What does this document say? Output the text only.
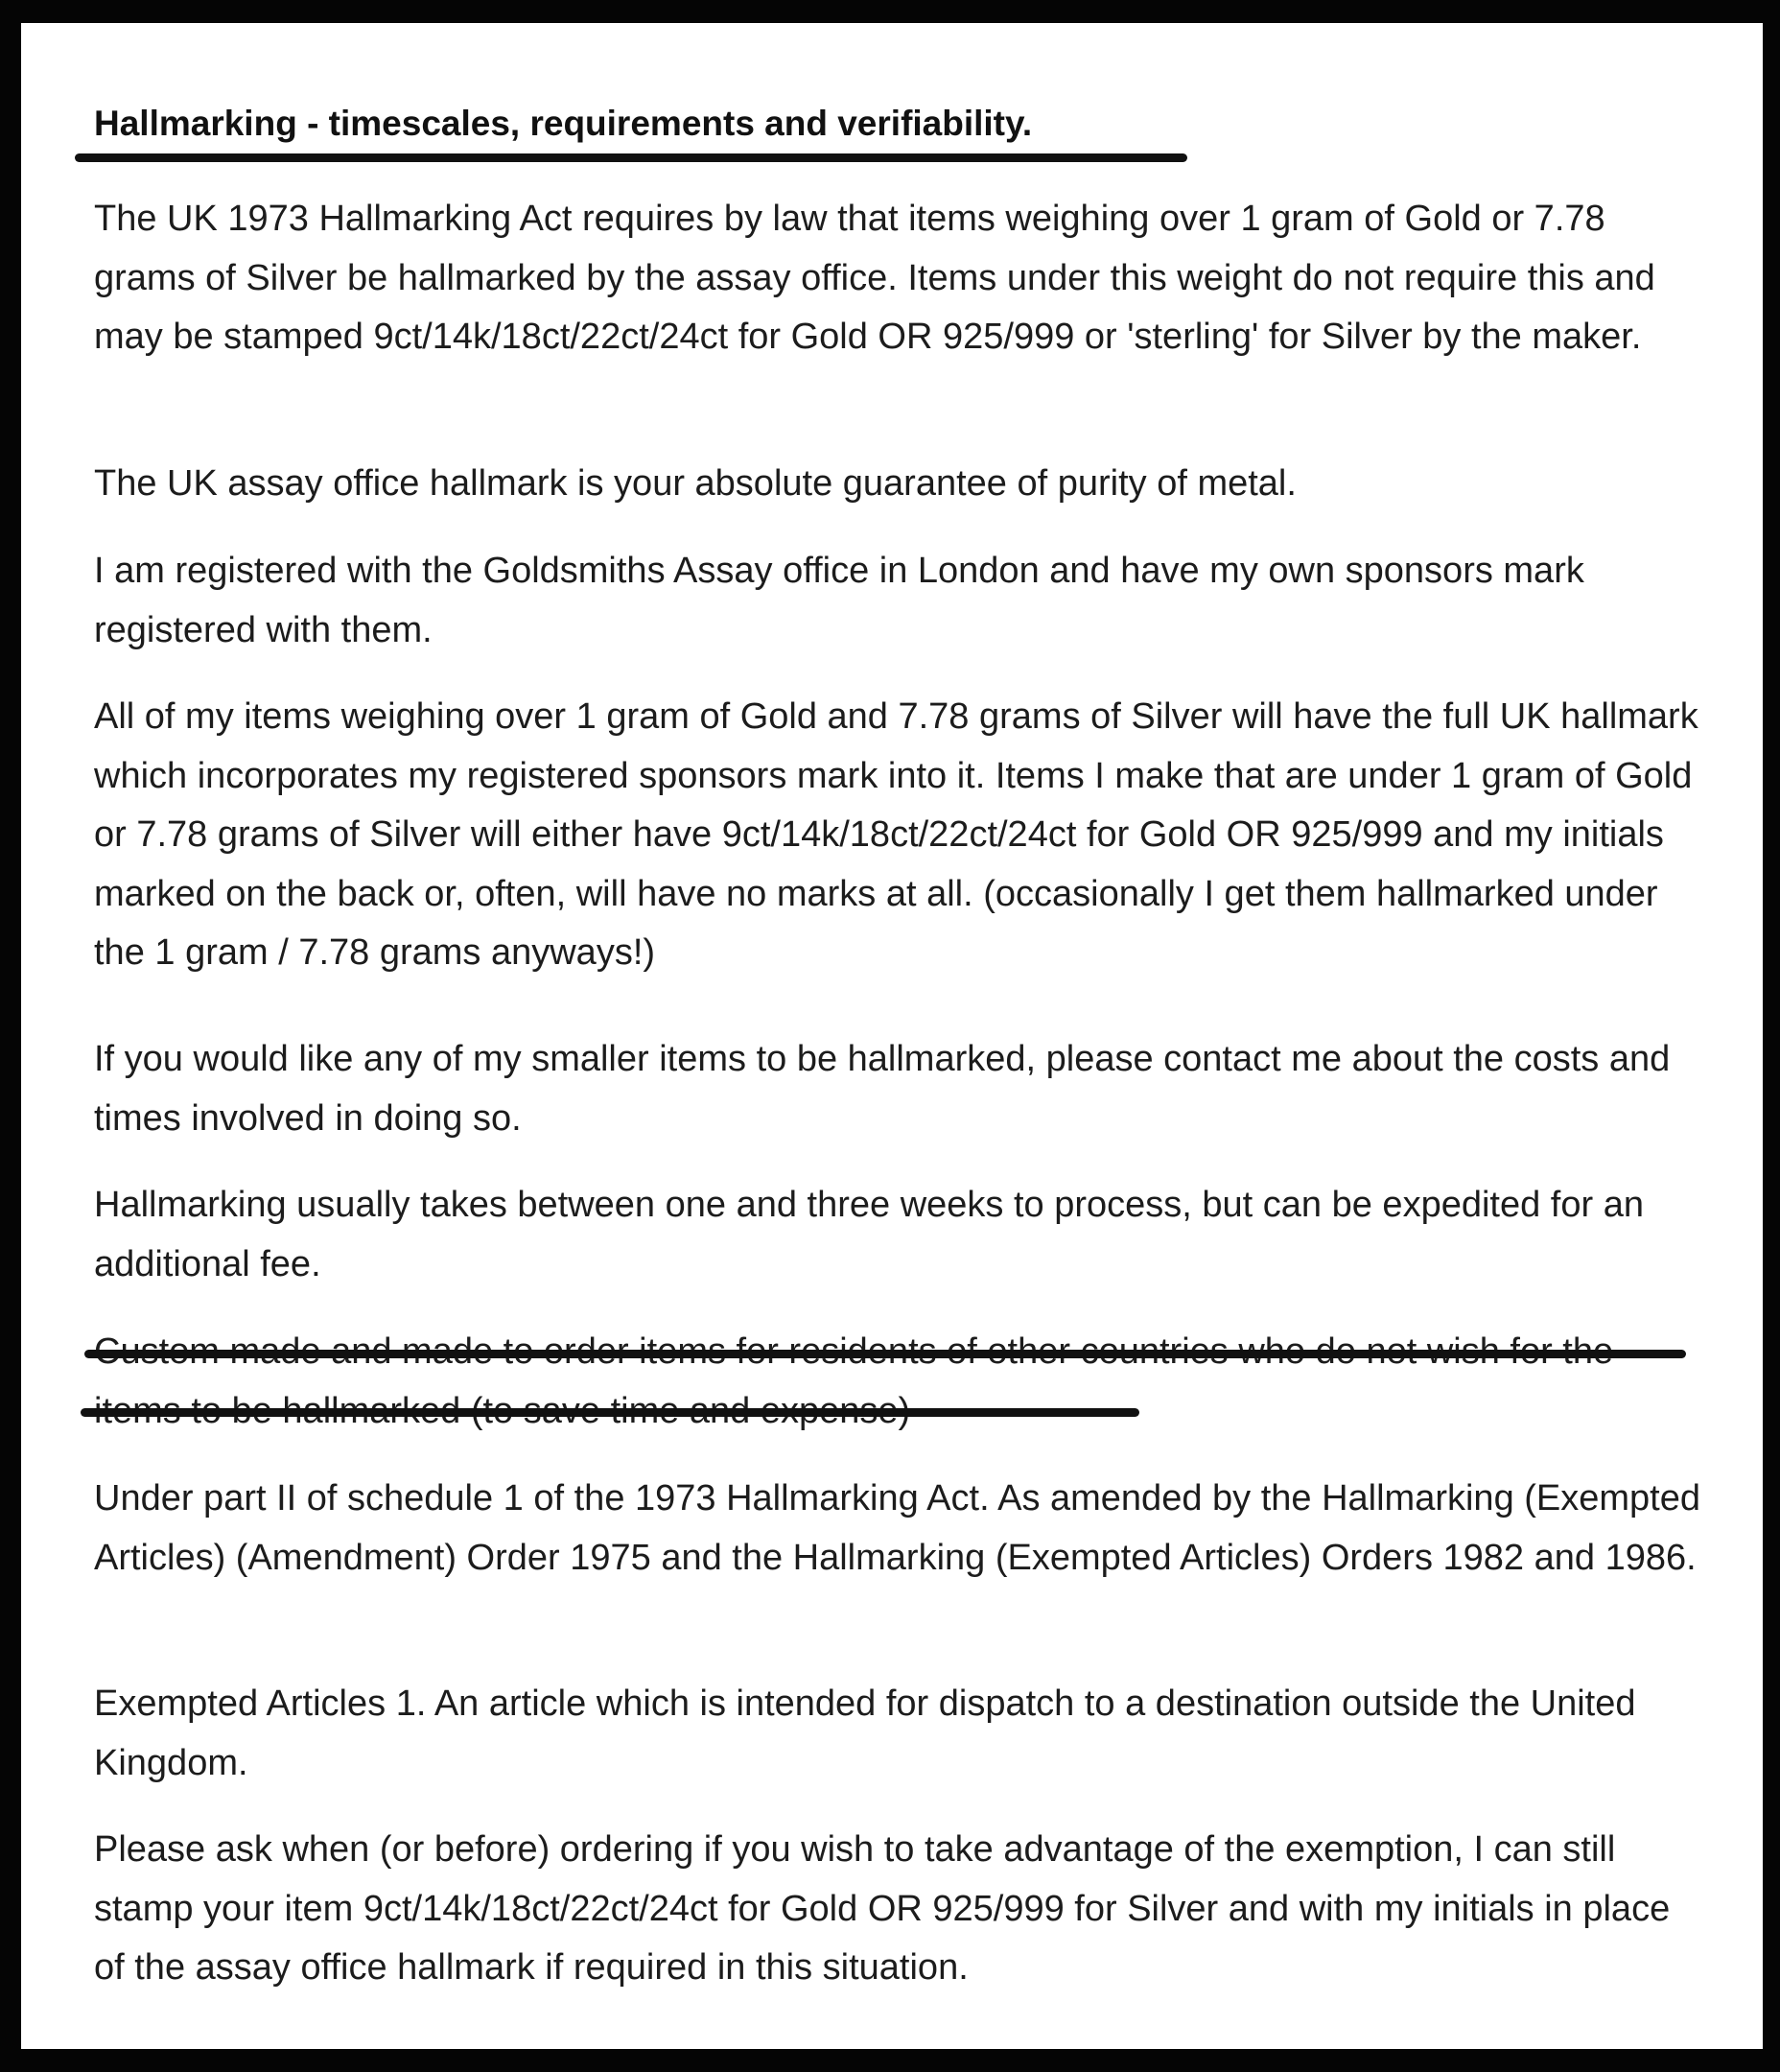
Hallmarking - timescales, requirements and verifiability.

The UK 1973 Hallmarking Act requires by law that items weighing over 1 gram of Gold or 7.78 grams of Silver be hallmarked by the assay office. Items under this weight do not require this and may be stamped 9ct/14k/18ct/22ct/24ct for Gold OR 925/999 or 'sterling' for Silver by the maker.

The UK assay office hallmark is your absolute guarantee of purity of metal.

I am registered with the Goldsmiths Assay office in London and have my own sponsors mark registered with them.

All of my items weighing over 1 gram of Gold and 7.78 grams of Silver will have the full UK hallmark which incorporates my registered sponsors mark into it. Items I make that are under 1 gram of Gold or 7.78 grams of Silver will either have 9ct/14k/18ct/22ct/24ct for Gold OR 925/999 and my initials marked on the back or, often, will have no marks at all. (occasionally I get them hallmarked under the 1 gram / 7.78 grams anyways!)

If you would like any of my smaller items to be hallmarked, please contact me about the costs and times involved in doing so.

Hallmarking usually takes between one and three weeks to process, but can be expedited for an additional fee.

Under part II of schedule 1 of the 1973 Hallmarking Act. As amended by the Hallmarking (Exempted Articles) (Amendment) Order 1975 and the Hallmarking (Exempted Articles) Orders 1982 and 1986.

Exempted Articles 1. An article which is intended for dispatch to a destination outside the United Kingdom.

Please ask when (or before) ordering if you wish to take advantage of the exemption, I can still stamp your item 9ct/14k/18ct/22ct/24ct for Gold OR 925/999 for Silver and with my initials in place of the assay office hallmark if required in this situation.
